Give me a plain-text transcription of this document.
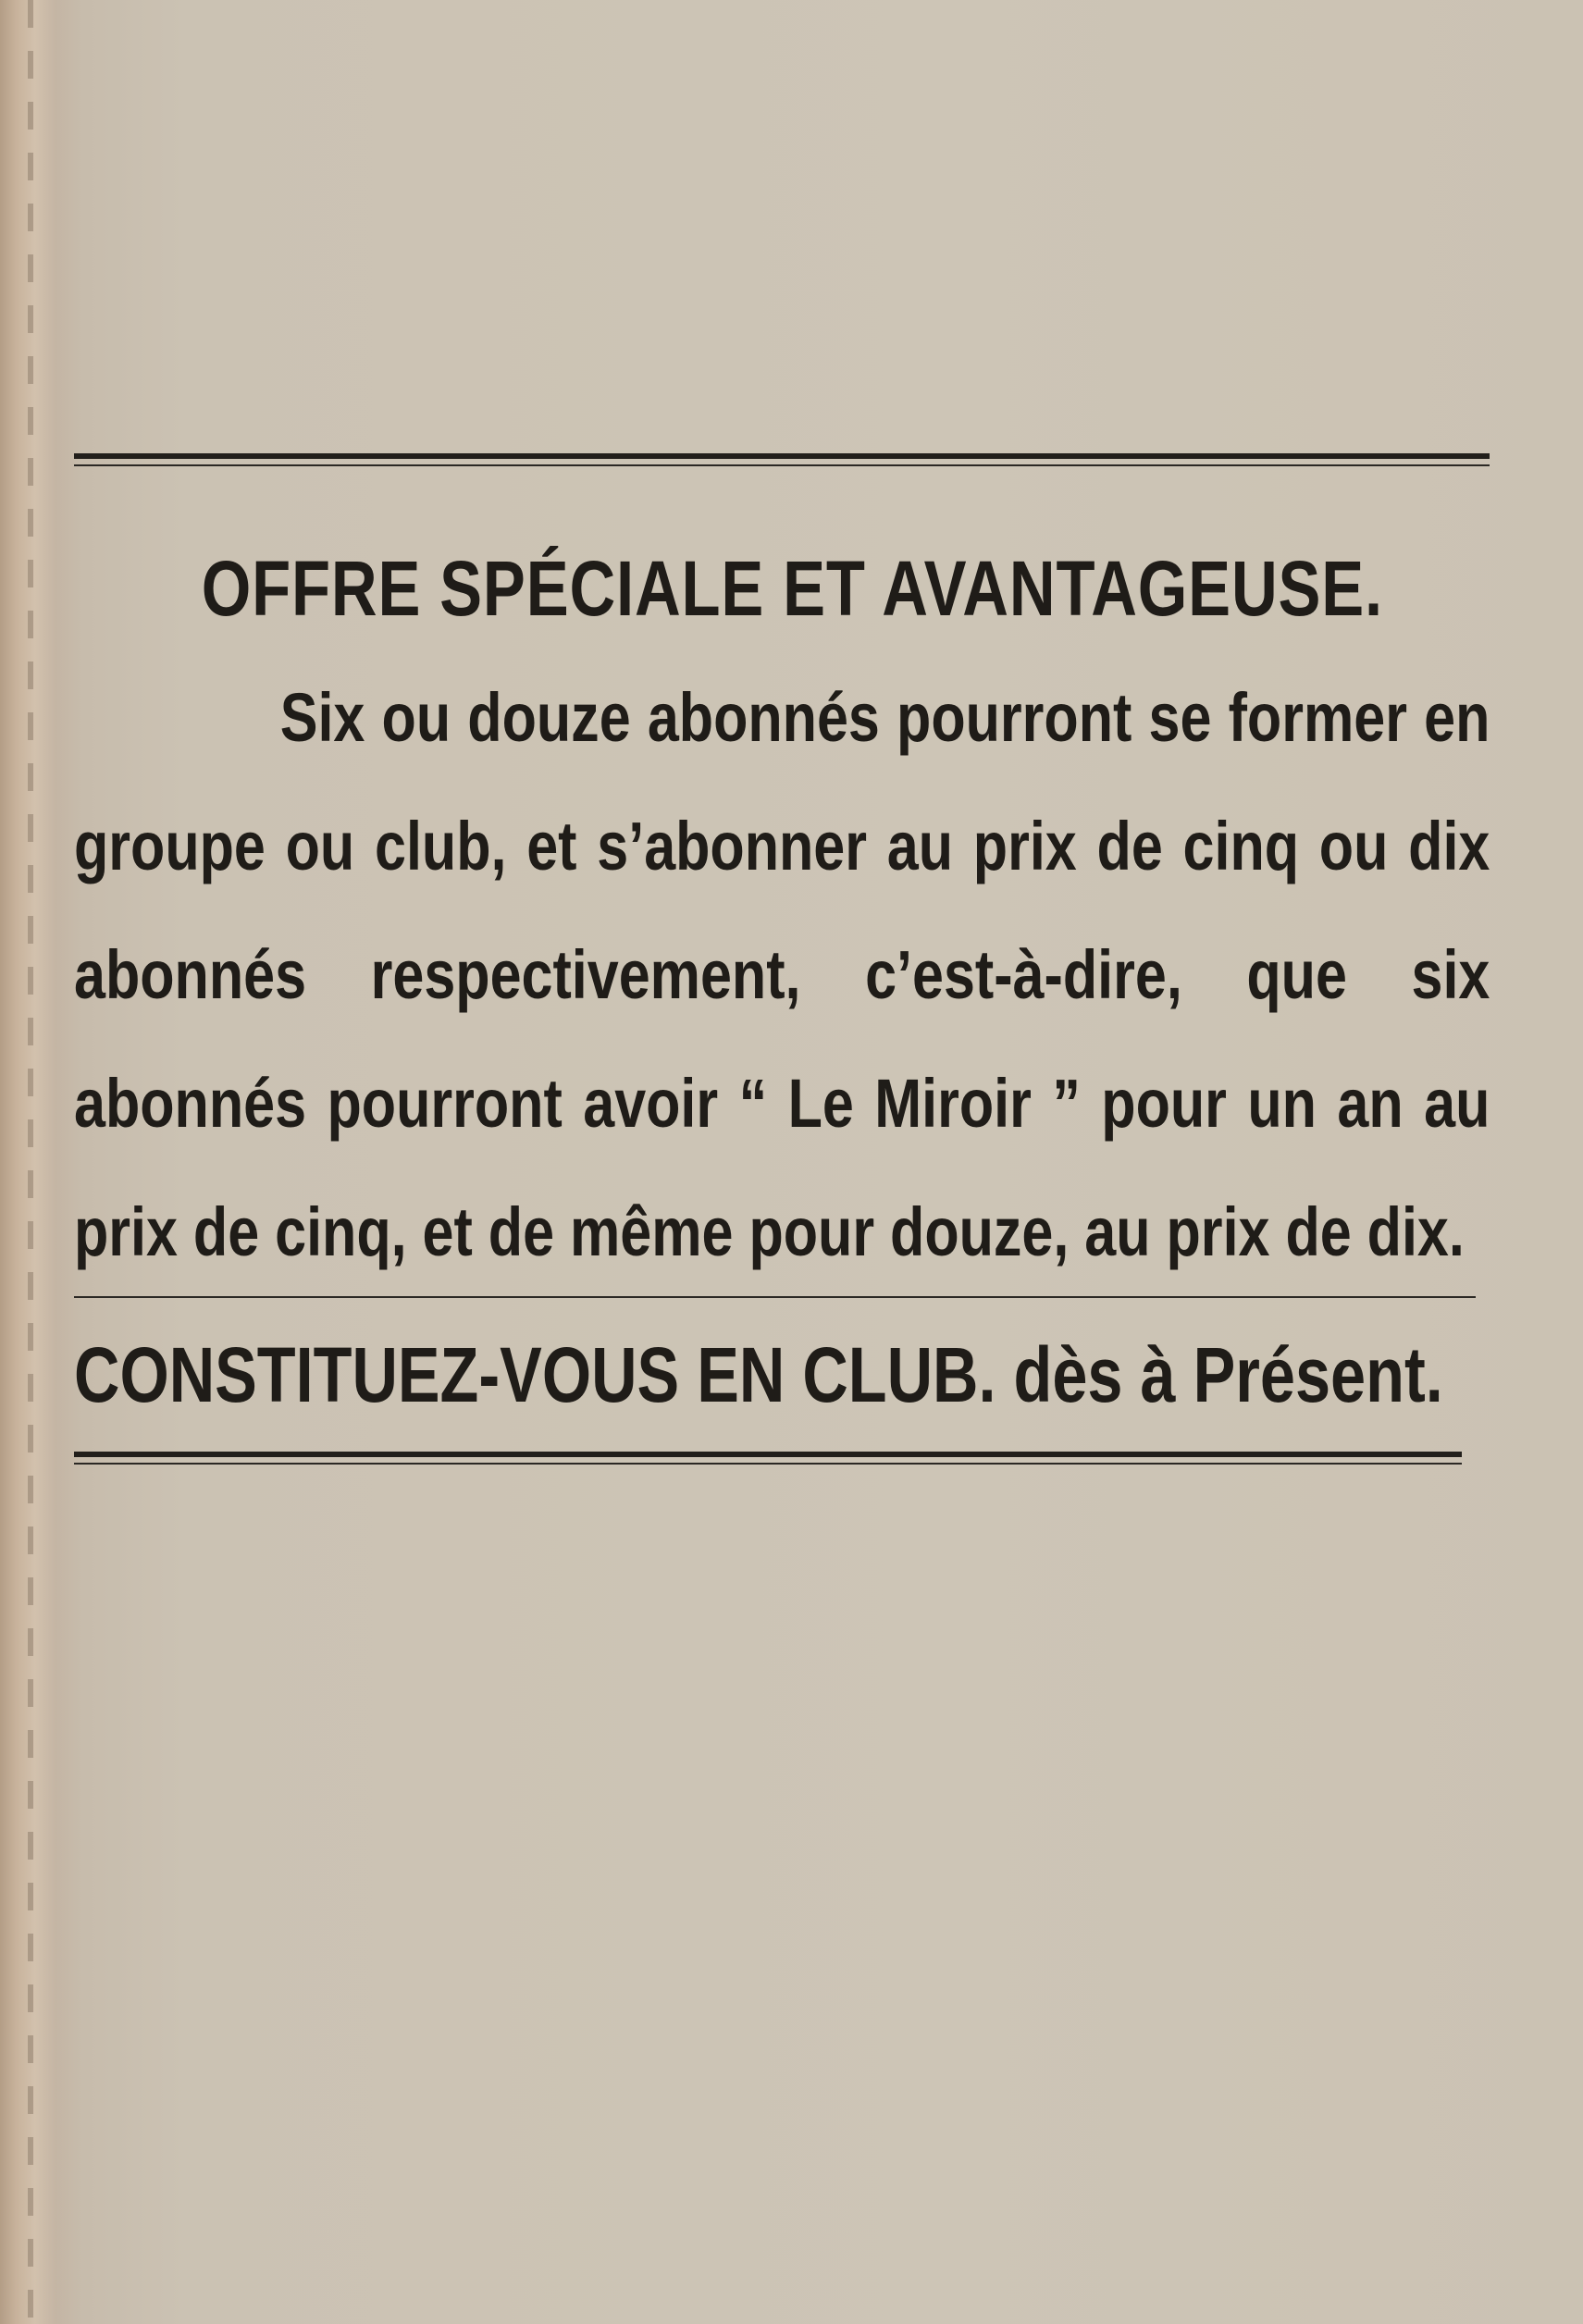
OFFRE SPÉCIALE ET AVANTAGEUSE.

Six ou douze abonnés pourront se former en groupe ou club, et s’abonner au prix de cinq ou dix abonnés respectivement, c’est-à-dire, que six abonnés pourront avoir “ Le Miroir ” pour un an au prix de cinq, et de même pour douze, au prix de dix.

CONSTITUEZ-VOUS EN CLUB. dès à Présent.
